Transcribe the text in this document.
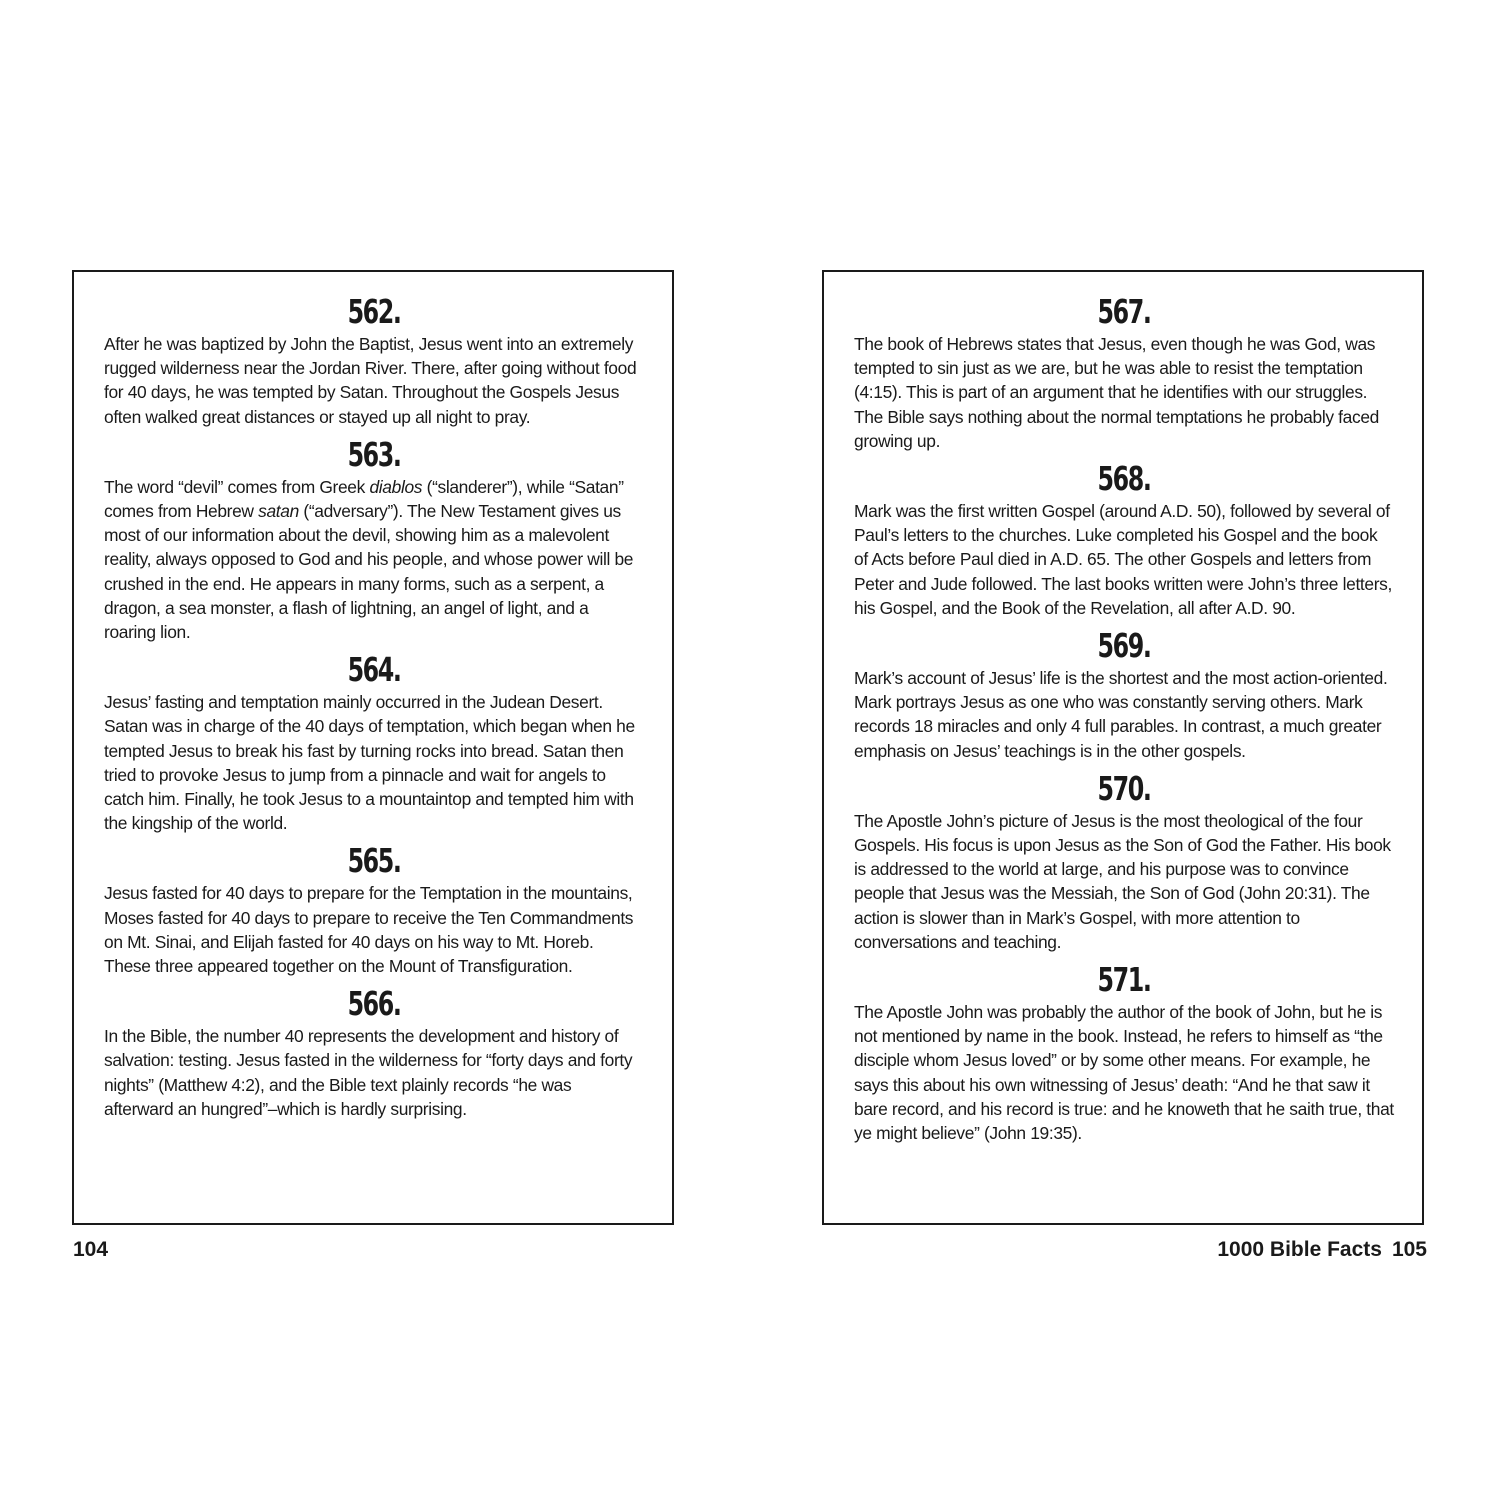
562.

After he was baptized by John the Baptist, Jesus went into an extremely rugged wilderness near the Jordan River. There, after going without food for 40 days, he was tempted by Satan. Throughout the Gospels Jesus often walked great distances or stayed up all night to pray.

563.

The word “devil” comes from Greek diablos (“slanderer”), while “Satan” comes from Hebrew satan (“adversary”). The New Testament gives us most of our information about the devil, showing him as a malevolent reality, always opposed to God and his people, and whose power will be crushed in the end. He appears in many forms, such as a serpent, a dragon, a sea monster, a flash of lightning, an angel of light, and a roaring lion.

564.

Jesus’ fasting and temptation mainly occurred in the Judean Desert. Satan was in charge of the 40 days of temptation, which began when he tempted Jesus to break his fast by turning rocks into bread. Satan then tried to provoke Jesus to jump from a pinnacle and wait for angels to catch him. Finally, he took Jesus to a mountaintop and tempted him with the kingship of the world.

565.

Jesus fasted for 40 days to prepare for the Temptation in the mountains, Moses fasted for 40 days to prepare to receive the Ten Commandments on Mt. Sinai, and Elijah fasted for 40 days on his way to Mt. Horeb. These three appeared together on the Mount of Transfiguration.

566.

In the Bible, the number 40 represents the development and history of salvation: testing. Jesus fasted in the wilderness for “forty days and forty nights” (Matthew 4:2), and the Bible text plainly records “he was afterward an hungred”–which is hardly surprising.

567.

The book of Hebrews states that Jesus, even though he was God, was tempted to sin just as we are, but he was able to resist the temptation (4:15). This is part of an argument that he identifies with our struggles. The Bible says nothing about the normal temptations he probably faced growing up.

568.

Mark was the first written Gospel (around A.D. 50), followed by several of Paul’s letters to the churches. Luke completed his Gospel and the book of Acts before Paul died in A.D. 65. The other Gospels and letters from Peter and Jude followed. The last books written were John’s three letters, his Gospel, and the Book of the Revelation, all after A.D. 90.

569.

Mark’s account of Jesus’ life is the shortest and the most action-oriented. Mark portrays Jesus as one who was constantly serving others. Mark records 18 miracles and only 4 full parables. In contrast, a much greater emphasis on Jesus’ teachings is in the other gospels.

570.

The Apostle John’s picture of Jesus is the most theological of the four Gospels. His focus is upon Jesus as the Son of God the Father. His book is addressed to the world at large, and his purpose was to convince people that Jesus was the Messiah, the Son of God (John 20:31). The action is slower than in Mark’s Gospel, with more attention to conversations and teaching.

571.

The Apostle John was probably the author of the book of John, but he is not mentioned by name in the book. Instead, he refers to himself as “the disciple whom Jesus loved” or by some other means. For example, he says this about his own witnessing of Jesus’ death: “And he that saw it bare record, and his record is true: and he knoweth that he saith true, that ye might believe” (John 19:35).

104	1000 Bible Facts 105
